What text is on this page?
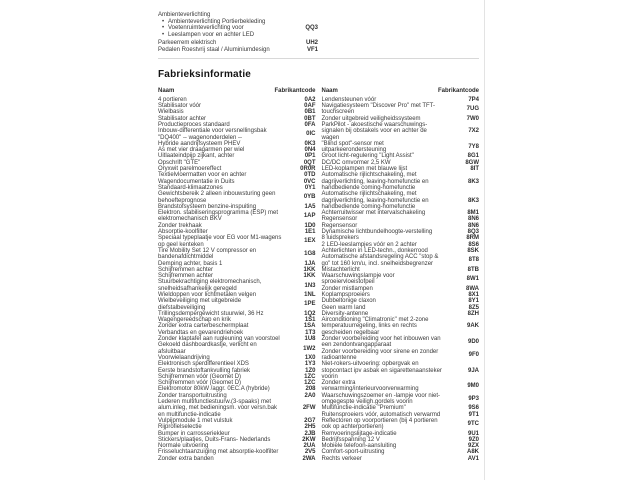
Ambienteverlichting
• Ambienteverlichting Portierbekleding
• Voetenruimteverlichting voor	QQ3
• Leeslampen voor en achter LED
Parkeerrem elektrisch	UH2
Pedalen Roestvrij staal / Aluminiumdesign	VF1
Fabrieksinformatie
Naam	Fabrikantcode
4 portieren	0A2
Stabilisator vóór	0AF
Wielbasis	0B1
Stabilisator achter	0BT
Productieproces standaard	0FA
Inbouw-differentiale voor versnellingsbak "DQ400" -- wagenonderdelen --
0IC
Hybride aandrijfsysteem PHEV	0K3
As met vier draagarmen per wiel	0N4
Uitlaateindpijp zijkant, achter	0P1
Opschrift "GTE"	0QT
Oryxwit parelmoereffect	0R0R
Textielvloermatten voor en achter	0TD
Wagendocumentatie in Duits	0VC
Standaard-klimaatzones	0Y1
Gewichtsbereik 2 alleen inbouwsturing geen behoefteprognose
0YB
Brandstofsysteem benzine-inspuiting	1A5
Elektron. stabiliseringsprogramma (ESP) met elektromechanisch BKV
1AP
Zonder trekhaak	1D0
Absorptie-koolfilter	1E1
Speciaal typeplaatje voor EG voor M1-wagens op geel kenteken
1EX
Tire Mobility Set 12 V compressor en bandenafdichtmiddel
1G8
Demping achter, basis 1	1JA
Schijfremmen achter	1KK
Schijfremmen achter	1KK
Stuurbekrachtiging elektromechanisch, snelheidsafhankelijk geregeld
1N3
Wieldoppen voor lichtmetalen velgen	1NL
Wielbeveiliging met uitgebreide diefstalbeveiliging
1PE
Trillingsdempergewicht stuurwiel, 36 Hz	1Q2
Wagengereedschap en krik	1S1
Zonder extra carterbeschermplaat	1SA
Verbandtas en gevarendriehoek	1T3
Zonder klaptafel aan rugleuning van voorstoel	1U8
Gekoeld dashboardkastje, verlicht en afsluitbaar
1W2
Voorwielaandrijving	1X0
Elektronisch sperdifferentieel XDS	1Y3
Eerste brandstoftankvulling fabriek	1Z0
Schijfremmen vóór (Geomet D)	1ZC
Schijfremmen vóór (Geomet D)	1ZC
Elektromotor 80kW /aggr. 0EC.A (hybride)	208
Zonder transportuitrusting	2A0
Lederen multifunctiestuurw.(3-spaaks) met alum.inleg, met bedieningsm. voor versn.bak en multifunctie-indicatie
2FW
Vulpijpmodule 1 met vulstuk	2G7
Rijprofielselectie	2H5
Bumper in carrosseriekleur	2JB
Stickers/plaatjes, Duits-Frans- Nederlands	2KW
Normale uitvoering	2UA
Frisseluchtaanzuiging met absorptie-koolfilter	2V5
Zonder extra banden	2WA
Naam	Fabrikantcode
Lendensteunen vóór	7P4
Navigatiesysteem "Discover Pro" met TFT-touchscreen
7UG
Zonder uitgebreid veiligheidssysteem	7W0
ParkPilot - akoestische waarschuwings-signalen bij obstakels voor en achter de wagen
7X2
"Blind spot"-sensor met uitparkeerondersteuning
7Y8
Groot licht-regulering "Light Assist"	8G1
DC/DC omvormer 2,5 KW	8GW
LED-koplampen met blauwe lijst	8IT
Automatische rijlichtschakeling, met dagrijverlichting, leaving-homefunctie en handbediende coming-homefunctie
8K3
Automatische rijlichtschakeling, met dagrijverlichting, leaving-homefunctie en handbediende coming-homefunctie
8K3
Achterruitwisser met intervalschakeling	8M1
Regensensor	8N6
Regensensor	8N6
Dynamische lichtbundelhoogte-verstelling	8Q3
8 luidsprekers	8RM
2 LED-leeslampjes vóór en 2 achter	8S6
Achterlichten in LED-techn., donkerrood	8SK
Automatische afstandsregeling ACC "stop & go" tot 160 km/u, incl. snelheidsbegrenzer
8T8
Mistachterlicht	8TB
Waarschuwingslampje voor sproeiervloeistofpeil
8W1
Zonder mistlampen	8WA
Koplampsproeiers	8X1
Dubbeltonige claxon	8Y1
Geen warm land	8Z5
Diversity-antenne	8ZH
Airconditioning "Climatronic" met 2-zone temperatuurregeling, links en rechts gescheiden regelbaar
9AK
Zonder voorbereiding voor het inbouwen van een zendontvangapparaat
9D0
Zonder voorbereiding voor sirene en zonder radioantenne
9F0
Niet-rokers-uitvoering: opbergvak en stopcontact ipv asbak en sigarettenaansteker voorin
9JA
Zonder extra verwarming/interieurvoorverwarming
9M0
Waarschuwingszoemer en -lampje voor niet-omgegespte veiligh.gordels voorin
9P3
Multifunctie-indicatie "Premium"	9S6
Ruitensproeiers vóór, automatisch verwarmd	9T1
Reflectoren op voorportieren (bij 4 portieren ook op achterportieren)
9TC
Remvoeringslijtage-indicatie	9U1
Bedrijfsspanning 12 V	9Z0
Mobiele telefoon-aansluiting	9ZX
Comfort-sport-uitrusting	A8K
Rechts verkeer	AV1
